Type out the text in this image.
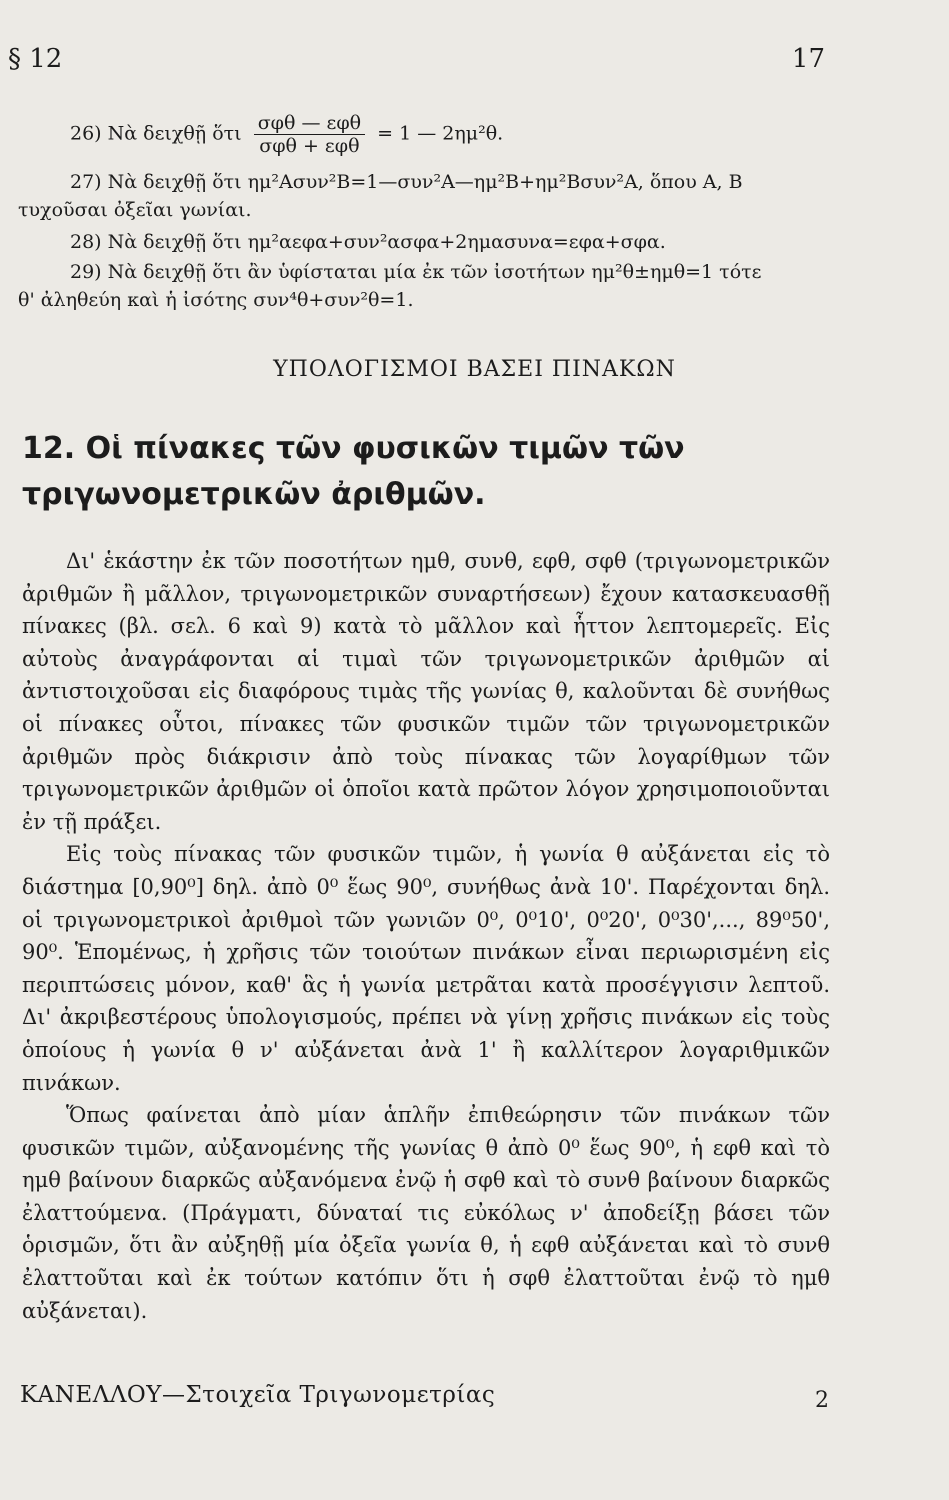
§ 12	17
26) Νὰ δειχθῇ ὅτι $\frac{\text{σφθ — εφθ}}{\text{σφθ + εφθ}} = 1$ — 2ημ²θ.
27) Νὰ δειχθῇ ὅτι ημ²Ασυν²Β=1—συν²Α—ημ²Β+ημ²Βσυν²Α, ὅπου Α, Β
τυχοῦσαι ὀξεῖαι γωνίαι.
28) Νὰ δειχθῇ ὅτι ημ²αεφα+συν²ασφα+2ημασυνα=εφα+σφα.
29) Νὰ δειχθῇ ὅτι ἂν ὑφίσταται μία ἐκ τῶν ἰσοτήτων ημ²θ±ημθ=1 τότε
θ' ἀληθεύη καὶ ἡ ἰσότης συν⁴θ+συν²θ=1.
ΥΠΟΛΟΓΙΣΜΟΙ ΒΑΣΕΙ ΠΙΝΑΚΩΝ
12. Οἱ πίνακες τῶν φυσικῶν τιμῶν τῶν τριγωνομετρικῶν ἀριθμῶν.

Δι' ἑκάστην ἐκ τῶν ποσοτήτων ημθ, συνθ, εφθ, σφθ (τριγωνομετρικῶν ἀριθμῶν ἢ μᾶλλον, τριγωνομετρικῶν συναρτήσεων) ἔχουν κατασκευασθῇ πίνακες (βλ. σελ. 6 καὶ 9) κατὰ τὸ μᾶλλον καὶ ἧττον λεπτομερεῖς. Εἰς αὐτοὺς ἀναγράφονται αἱ τιμαὶ τῶν τριγωνομετρικῶν ἀριθμῶν αἱ ἀντιστοιχοῦσαι εἰς διαφόρους τιμὰς τῆς γωνίας θ, καλοῦνται δὲ συνήθως οἱ πίνακες οὗτοι, πίνακες τῶν φυσικῶν τιμῶν τῶν τριγωνομετρικῶν ἀριθμῶν πρὸς διάκρισιν ἀπὸ τοὺς πίνακας τῶν λογαρίθμων τῶν τριγωνομετρικῶν ἀριθμῶν οἱ ὁποῖοι κατὰ πρῶτον λόγον χρησιμοποιοῦνται ἐν τῇ πράξει.

Εἰς τοὺς πίνακας τῶν φυσικῶν τιμῶν, ἡ γωνία θ αὐξάνεται εἰς τὸ διάστημα [0,90⁰] δηλ. ἀπὸ 0⁰ ἕως 90⁰, συνήθως ἀνὰ 10'. Παρέχονται δηλ. οἱ τριγωνομετρικοὶ ἀριθμοὶ τῶν γωνιῶν 0⁰, 0⁰10', 0⁰20', 0⁰30',..., 89⁰50', 90⁰. Ἑπομένως, ἡ χρῆσις τῶν τοιούτων πινάκων εἶναι περιωρισμένη εἰς περιπτώσεις μόνον, καθ' ἃς ἡ γωνία μετρᾶται κατὰ προσέγγισιν λεπτοῦ. Δι' ἀκριβεστέρους ὑπολογισμούς, πρέπει νὰ γίνῃ χρῆσις πινάκων εἰς τοὺς ὁποίους ἡ γωνία θ ν' αὐξάνεται ἀνὰ 1' ἢ καλλίτερον λογαριθμικῶν πινάκων.

Ὅπως φαίνεται ἀπὸ μίαν ἁπλῆν ἐπιθεώρησιν τῶν πινάκων τῶν φυσικῶν τιμῶν, αὐξανομένης τῆς γωνίας θ ἀπὸ 0⁰ ἕως 90⁰, ἡ εφθ καὶ τὸ ημθ βαίνουν διαρκῶς αὐξανόμενα ἐνῷ ἡ σφθ καὶ τὸ συνθ βαίνουν διαρκῶς ἐλαττούμενα. (Πράγματι, δύναταί τις εὐκόλως ν' ἀποδείξῃ βάσει τῶν ὁρισμῶν, ὅτι ἂν αὐξηθῇ μία ὀξεῖα γωνία θ, ἡ εφθ αὐξάνεται καὶ τὸ συνθ ἐλαττοῦται καὶ ἐκ τούτων κατόπιν ὅτι ἡ σφθ ἐλαττοῦται ἐνῷ τὸ ημθ αὐξάνεται).

ΚΑΝΕΛΛΟΥ—Στοιχεῖα Τριγωνομετρίας	2
